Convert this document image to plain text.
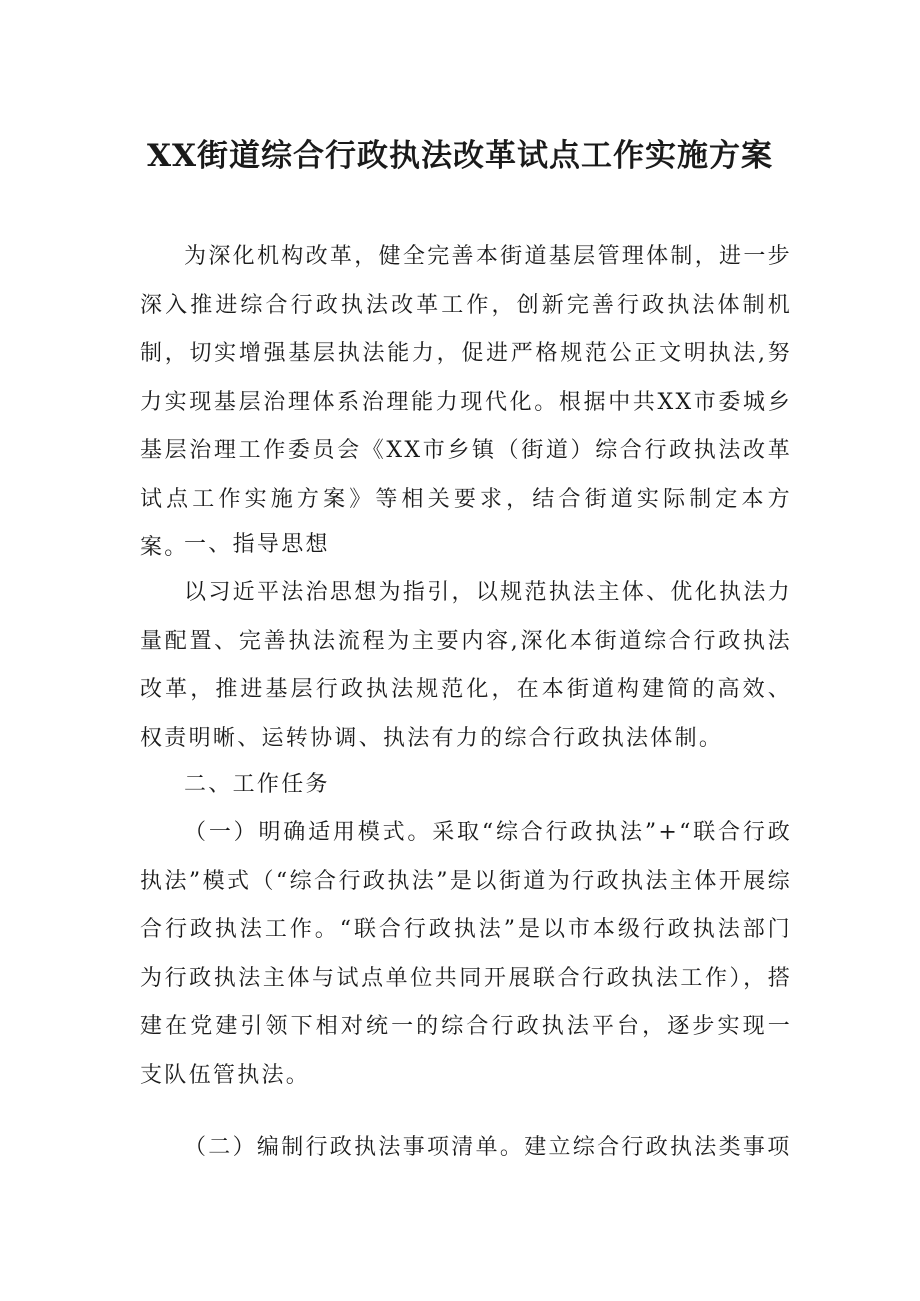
XX街道综合行政执法改革试点工作实施方案
为深化机构改革，健全完善本街道基层管理体制，进一步深入推进综合行政执法改革工作，创新完善行政执法体制机制，切实增强基层执法能力，促进严格规范公正文明执法,努力实现基层治理体系治理能力现代化。根据中共XX市委城乡基层治理工作委员会《XX市乡镇（街道）综合行政执法改革试点工作实施方案》等相关要求，结合街道实际制定本方案。
一、指导思想
以习近平法治思想为指引，以规范执法主体、优化执法力量配置、完善执法流程为主要内容,深化本街道综合行政执法改革，推进基层行政执法规范化，在本街道构建简的高效、权责明晰、运转协调、执法有力的综合行政执法体制。
二、工作任务
（一）明确适用模式。采取“综合行政执法”+“联合行政执法”模式（“综合行政执法”是以街道为行政执法主体开展综合行政执法工作。“联合行政执法”是以市本级行政执法部门为行政执法主体与试点单位共同开展联合行政执法工作），搭建在党建引领下相对统一的综合行政执法平台，逐步实现一支队伍管执法。
（二）编制行政执法事项清单。建立综合行政执法类事项
